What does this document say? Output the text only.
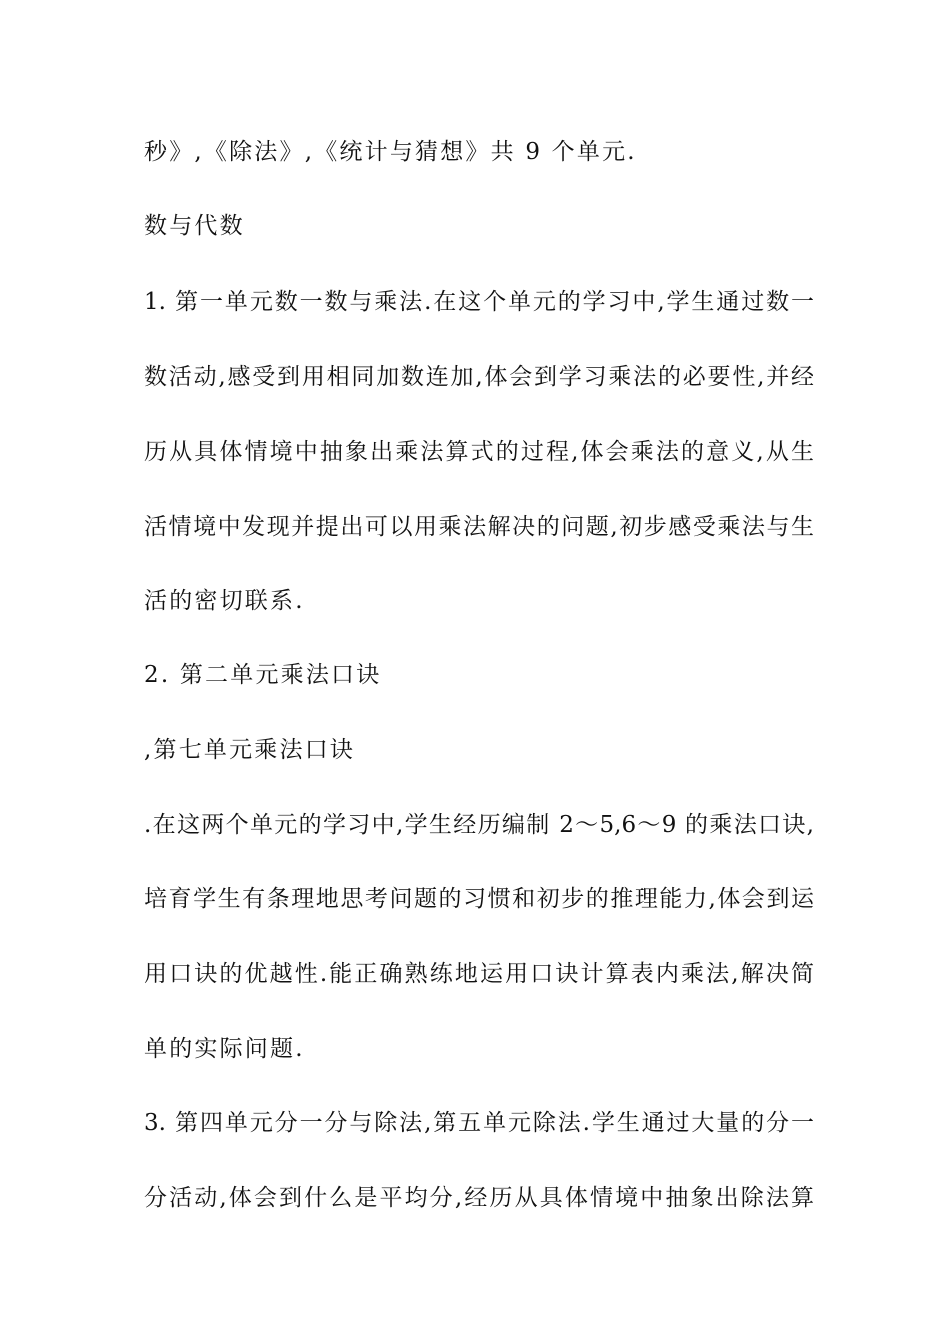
秒》,《除法》,《统计与猜想》共 9 个单元.
数与代数
1. 第一单元数一数与乘法.在这个单元的学习中,学生通过数一
数活动,感受到用相同加数连加,体会到学习乘法的必要性,并经
历从具体情境中抽象出乘法算式的过程,体会乘法的意义,从生
活情境中发现并提出可以用乘法解决的问题,初步感受乘法与生
活的密切联系.
2. 第二单元乘法口诀
,第七单元乘法口诀
.在这两个单元的学习中,学生经历编制 2～5,6～9 的乘法口诀,
培育学生有条理地思考问题的习惯和初步的推理能力,体会到运
用口诀的优越性.能正确熟练地运用口诀计算表内乘法,解决简
单的实际问题.
3. 第四单元分一分与除法,第五单元除法.学生通过大量的分一
分活动,体会到什么是平均分,经历从具体情境中抽象出除法算
